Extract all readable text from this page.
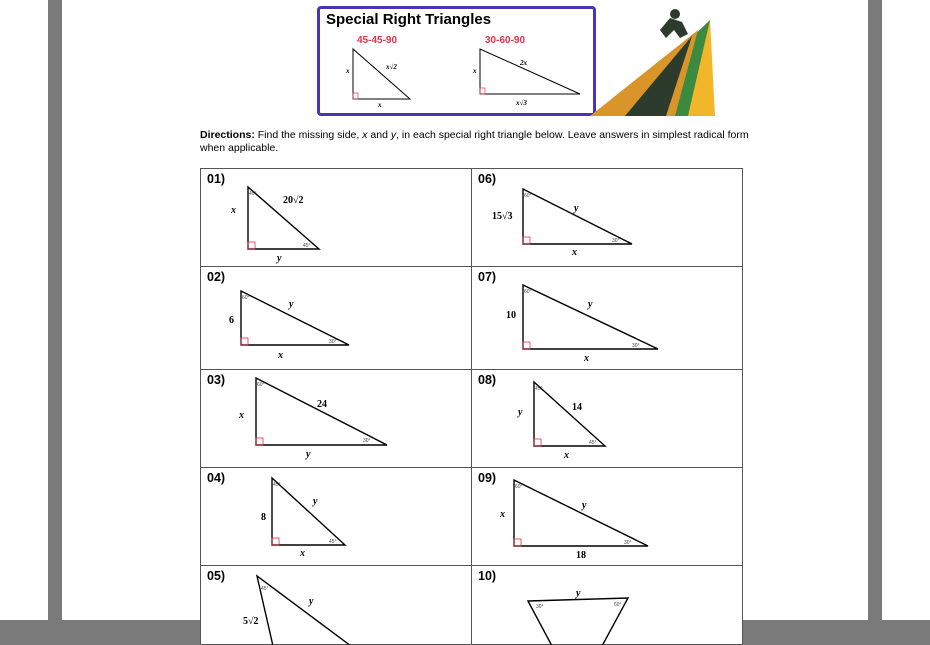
Special Right Triangles
45-45-90	30-60-90
x
x
x√2	x
x√3
2x
Directions: Find the missing side, x and y, in each special right triangle below. Leave answers in simplest radical form when applicable.
01)
x
20√2
y
45°
45°
06)
15√3
y
x
60°
30°
02)
6
y
x
60°
30°
07)
10
y
x
60°
30°
03)
x
24
y
60°
30°
08)
y	14
x
45°
45°
04)
8
y
x
45°
45°
09)
x
y
18
60°
30°
05)
5√2
y
45°
10)
y
30°	60°
